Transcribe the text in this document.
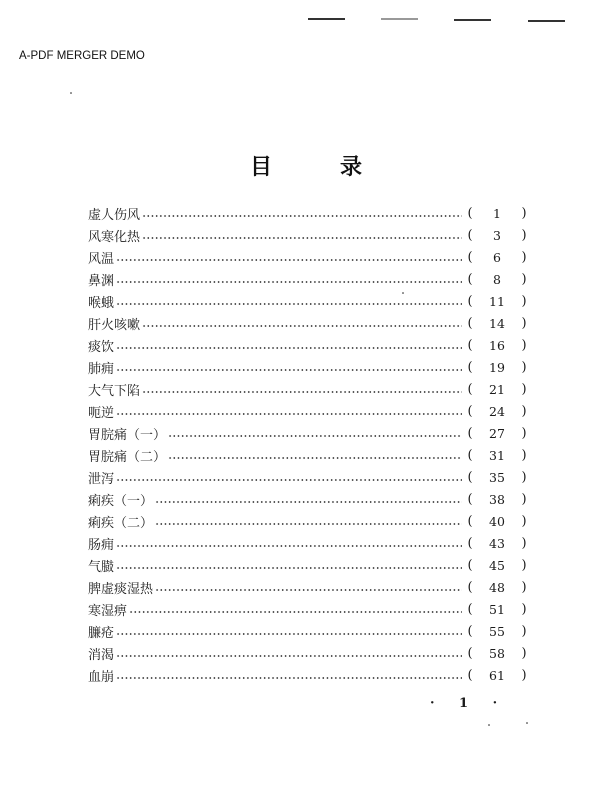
A-PDF MERGER DEMO
目	录
虚人伤风	(	1	)
风寒化热	(	3	)
风温	(	6	)
鼻渊	(	8	)
喉蛾	(	11	)
肝火咳嗽	(	14	)
痰饮	(	16	)
肺痈	(	19	)
大气下陷	(	21	)
呃逆	(	24	)
胃脘痛（一）	(	27	)
胃脘痛（二）	(	31	)
泄泻	(	35	)
痢疾（一）	(	38	)
痢疾（二）	(	40	)
肠痈	(	43	)
气臌	(	45	)
脾虚痰湿热	(	48	)
寒湿痹	(	51	)
臁疮	(	55	)
消渴	(	58	)
血崩	(	61	)
· 1 ·
